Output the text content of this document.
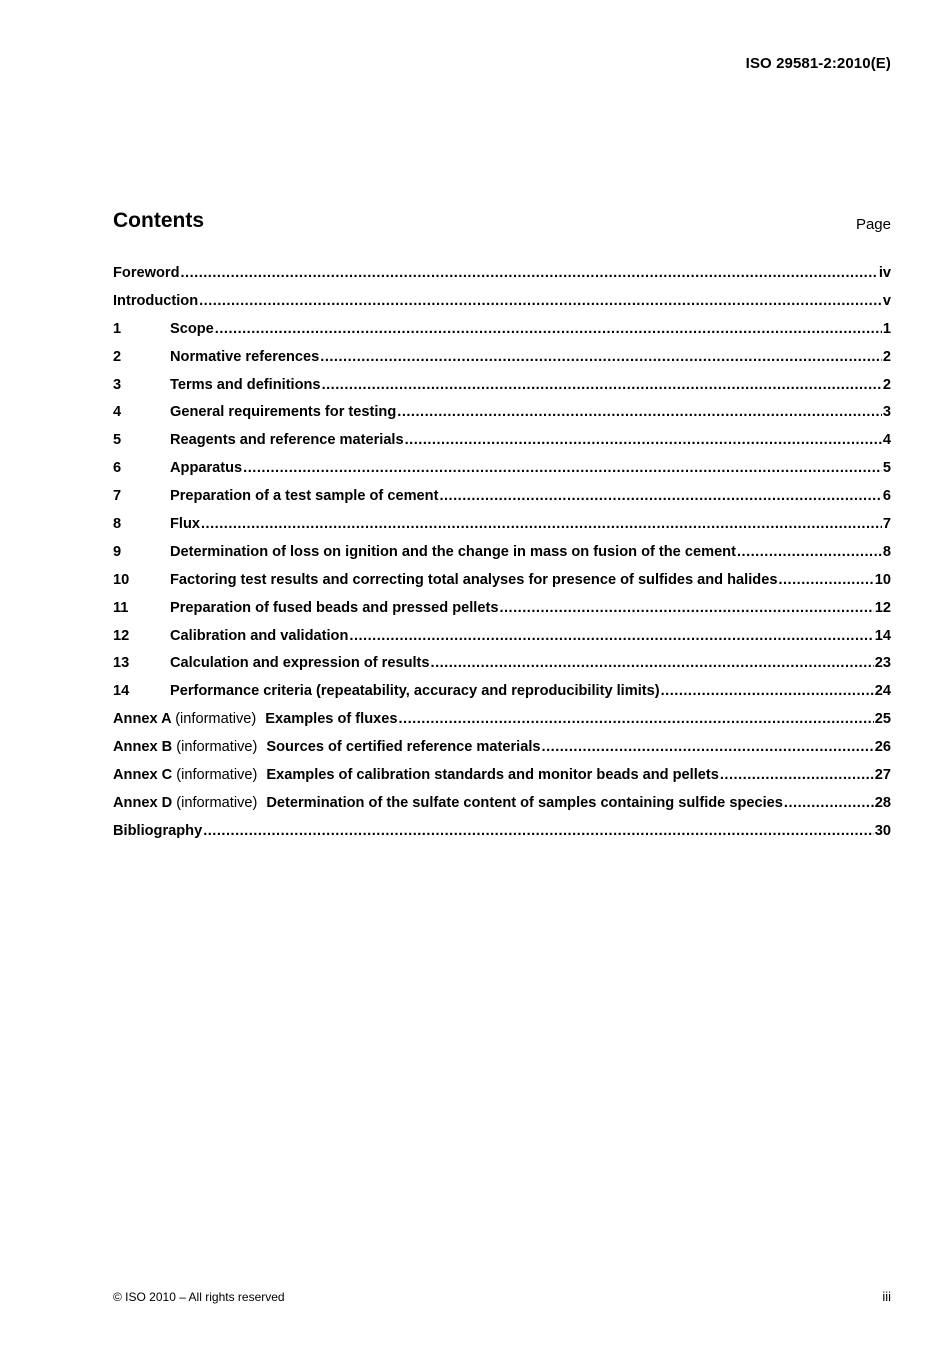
ISO 29581-2:2010(E)
Contents	Page
Foreword .....	iv
Introduction .....	v
1	Scope .....	1
2	Normative references .....	2
3	Terms and definitions .....	2
4	General requirements for testing .....	3
5	Reagents and reference materials .....	4
6	Apparatus .....	5
7	Preparation of a test sample of cement .....	6
8	Flux .....	7
9	Determination of loss on ignition and the change in mass on fusion of the cement .....	8
10	Factoring test results and correcting total analyses for presence of sulfides and halides .....	10
11	Preparation of fused beads and pressed pellets .....	12
12	Calibration and validation .....	14
13	Calculation and expression of results .....	23
14	Performance criteria (repeatability, accuracy and reproducibility limits) .....	24
Annex A (informative) Examples of fluxes .....	25
Annex B (informative) Sources of certified reference materials .....	26
Annex C (informative) Examples of calibration standards and monitor beads and pellets .....	27
Annex D (informative) Determination of the sulfate content of samples containing sulfide species .....	28
Bibliography .....	30
© ISO 2010 – All rights reserved	iii
